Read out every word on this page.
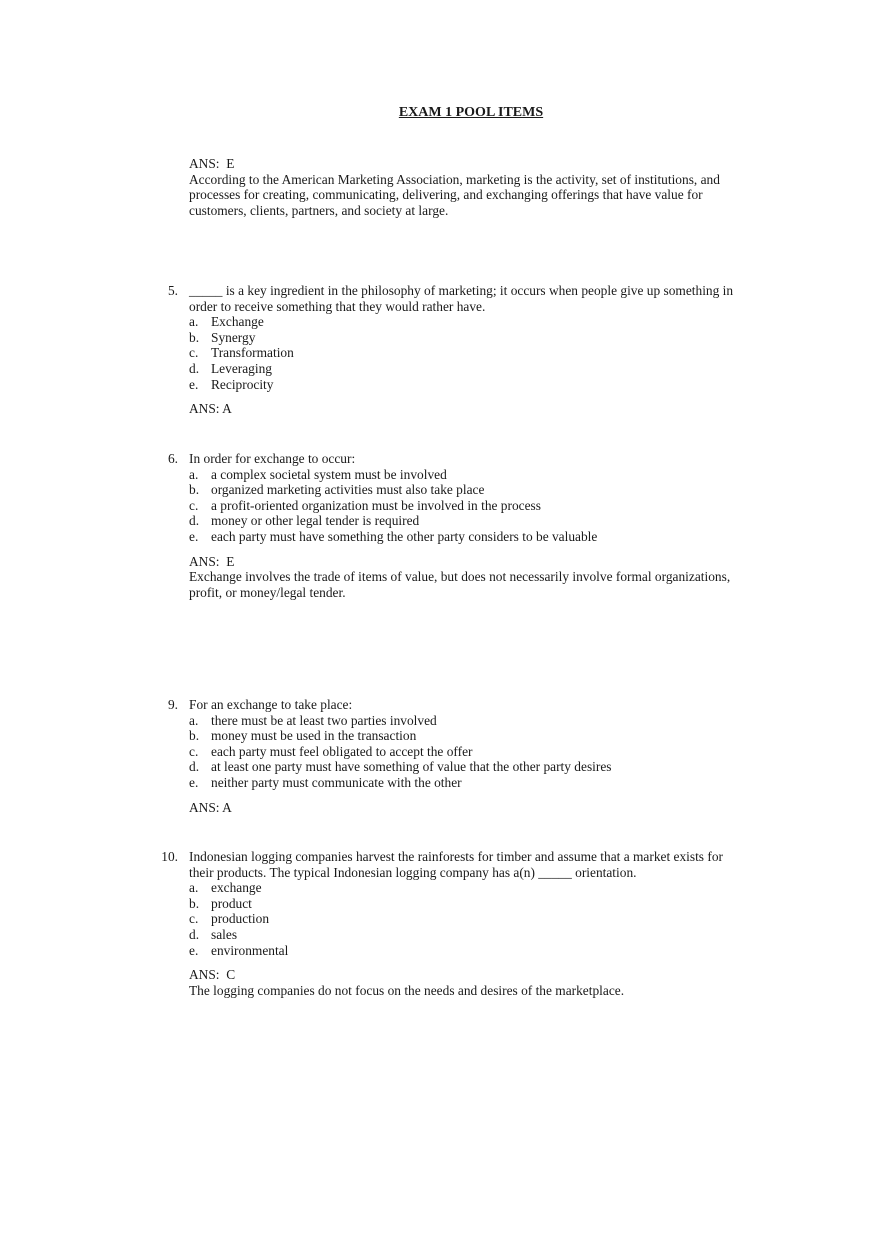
EXAM 1 POOL ITEMS
ANS:  E
According to the American Marketing Association, marketing is the activity, set of institutions, and processes for creating, communicating, delivering, and exchanging offerings that have value for customers, clients, partners, and society at large.
5. _____ is a key ingredient in the philosophy of marketing; it occurs when people give up something in order to receive something that they would rather have.

a. Exchange
b. Synergy
c. Transformation
d. Leveraging
e. Reciprocity
ANS: A
6. In order for exchange to occur:

a. a complex societal system must be involved
b. organized marketing activities must also take place
c. a profit-oriented organization must be involved in the process
d. money or other legal tender is required
e. each party must have something the other party considers to be valuable
ANS:  E
Exchange involves the trade of items of value, but does not necessarily involve formal organizations, profit, or money/legal tender.
9. For an exchange to take place:

a. there must be at least two parties involved
b. money must be used in the transaction
c. each party must feel obligated to accept the offer
d. at least one party must have something of value that the other party desires
e. neither party must communicate with the other
ANS: A
10. Indonesian logging companies harvest the rainforests for timber and assume that a market exists for their products. The typical Indonesian logging company has a(n) _____ orientation.

a. exchange
b. product
c. production
d. sales
e. environmental
ANS:  C
The logging companies do not focus on the needs and desires of the marketplace.
